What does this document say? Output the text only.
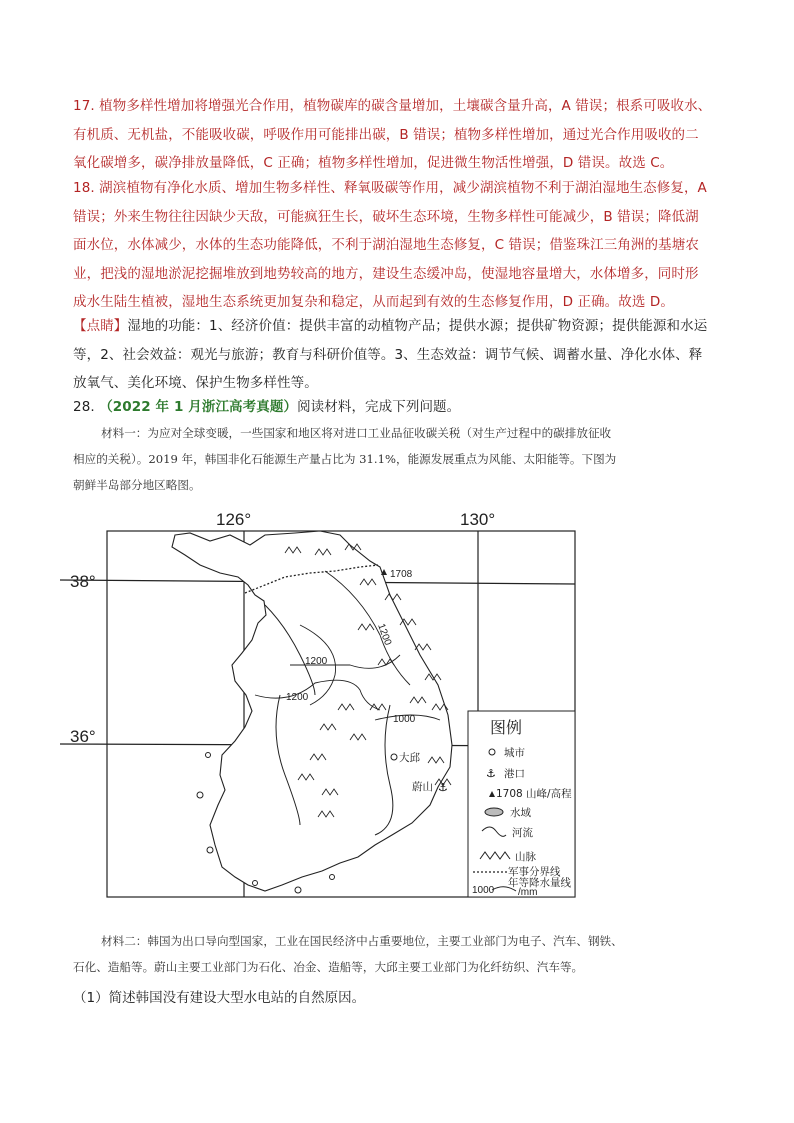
17. 植物多样性增加将增强光合作用，植物碳库的碳含量增加，土壤碳含量升高，A 错误；根系可吸收水、
有机质、无机盐，不能吸收碳，呼吸作用可能排出碳，B 错误；植物多样性增加，通过光合作用吸收的二
氧化碳增多，碳净排放量降低，C 正确；植物多样性增加，促进微生物活性增强，D 错误。故选 C。
18. 湖滨植物有净化水质、增加生物多样性、释氧吸碳等作用，减少湖滨植物不利于湖泊湿地生态修复，A
错误；外来生物往往因缺少天敌，可能疯狂生长，破坏生态环境，生物多样性可能减少，B 错误；降低湖
面水位，水体减少，水体的生态功能降低，不利于湖泊湿地生态修复，C 错误；借鉴珠江三角洲的基塘农
业，把浅的湿地淤泥挖掘堆放到地势较高的地方，建设生态缓冲岛，使湿地容量增大，水体增多，同时形
成水生陆生植被，湿地生态系统更加复杂和稳定，从而起到有效的生态修复作用，D 正确。故选 D。
【点睛】湿地的功能：1、经济价值：提供丰富的动植物产品；提供水源；提供矿物资源；提供能源和水运
等，2、社会效益：观光与旅游；教育与科研价值等。3、生态效益：调节气候、调蓄水量、净化水体、释
放氧气、美化环境、保护生物多样性等。
28. （2022 年 1 月浙江高考真题）阅读材料，完成下列问题。
材料一：为应对全球变暖，一些国家和地区将对进口工业品征收碳关税（对生产过程中的碳排放征收
相应的关税）。2019 年，韩国非化石能源生产量占比为 31.1%，能源发展重点为风能、太阳能等。下图为
朝鲜半岛部分地区略图。
126°	130°
38°
36°
1708
1200
1200
1200
1000
大邱
蔚山 ⚓
图例
城市
⚓ 港口
1708 山峰/高程
水域
河流
山脉
军事分界线
年等降水量线
1000 /mm
材料二：韩国为出口导向型国家，工业在国民经济中占重要地位，主要工业部门为电子、汽车、钢铁、
石化、造船等。蔚山主要工业部门为石化、冶金、造船等，大邱主要工业部门为化纤纺织、汽车等。
（1）简述韩国没有建设大型水电站的自然原因。
